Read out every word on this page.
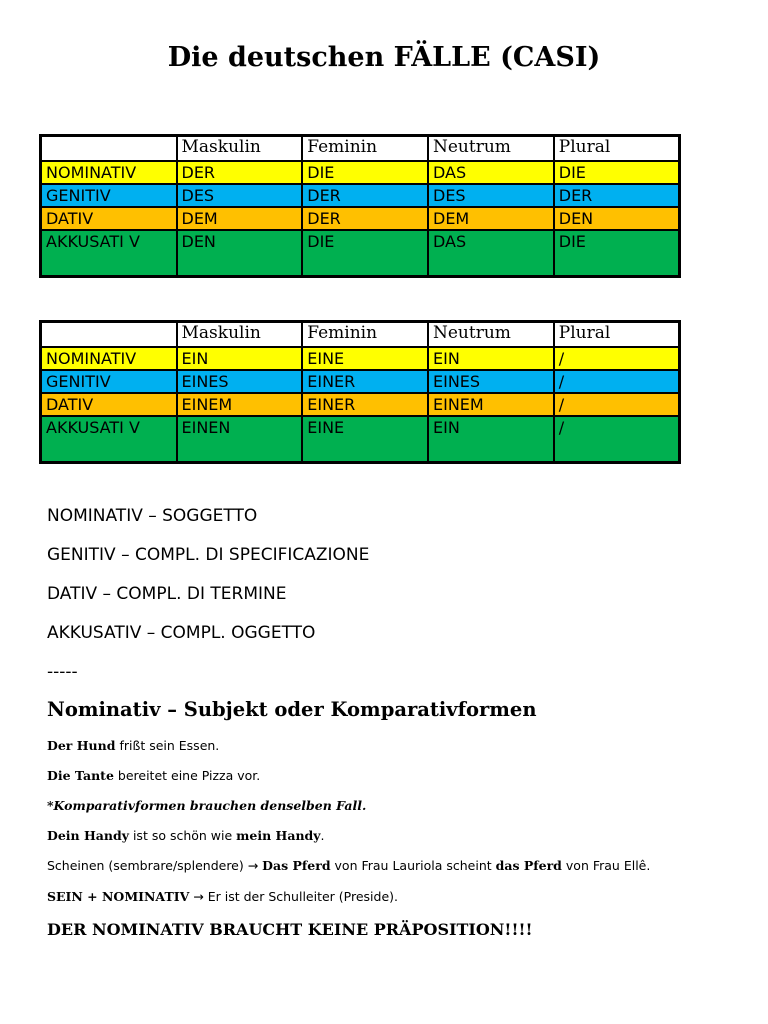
Die deutschen FÄLLE (CASI)
	Maskulin	Feminin	Neutrum	Plural
NOMINATIV	DER	DIE	DAS	DIE
GENITIV	DES	DER	DES	DER
DATIV	DEM	DER	DEM	DEN
AKKUSATI V	DEN	DIE	DAS	DIE
	Maskulin	Feminin	Neutrum	Plural
NOMINATIV	EIN	EINE	EIN	/
GENITIV	EINES	EINER	EINES	/
DATIV	EINEM	EINER	EINEM	/
AKKUSATI V	EINEN	EINE	EIN	/
NOMINATIV – SOGGETTO
GENITIV – COMPL. DI SPECIFICAZIONE
DATIV – COMPL. DI TERMINE
AKKUSATIV – COMPL. OGGETTO
-----
Nominativ – Subjekt oder Komparativformen
Der Hund frißt sein Essen.
Die Tante bereitet eine Pizza vor.
*Komparativformen brauchen denselben Fall.
Dein Handy ist so schön wie mein Handy.
Scheinen (sembrare/splendere) → Das Pferd von Frau Lauriola scheint das Pferd von Frau Ellê.
SEIN + NOMINATIV → Er ist der Schulleiter (Preside).
DER NOMINATIV BRAUCHT KEINE PRÄPOSITION!!!!
